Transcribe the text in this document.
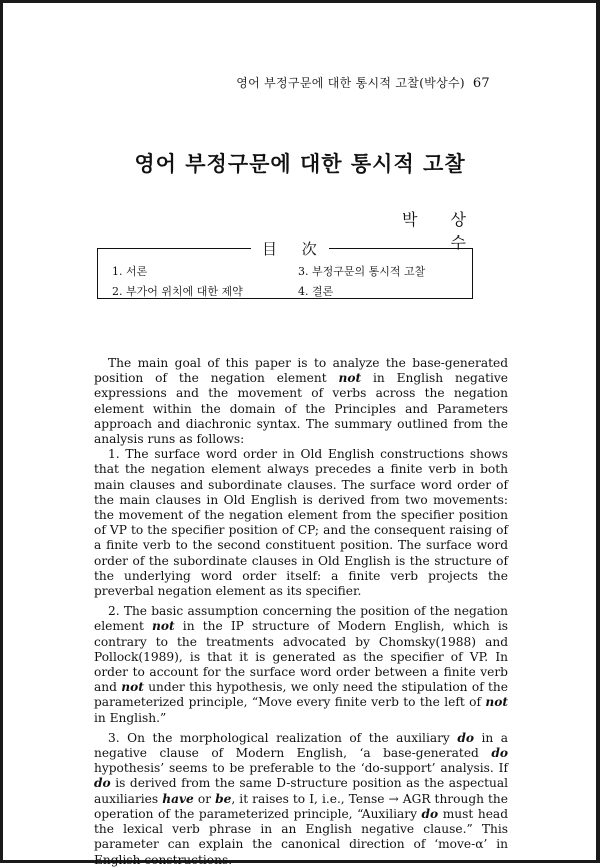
영어 부정구문에 대한 통시적 고찰(박상수) 67
영어 부정구문에 대한 통시적 고찰
박 상 수
目 次
1. 서론	3. 부정구문의 통시적 고찰
2. 부가어 위치에 대한 제약	4. 결론

The main goal of this paper is to analyze the base-generated position of the negation element not in English negative expressions and the movement of verbs across the negation element within the domain of the Principles and Parameters approach and diachronic syntax. The summary outlined from the analysis runs as follows:

1. The surface word order in Old English constructions shows that the negation element always precedes a finite verb in both main clauses and subordinate clauses. The surface word order of the main clauses in Old English is derived from two movements: the movement of the negation element from the specifier position of VP to the specifier position of CP; and the consequent raising of a finite verb to the second constituent position. The surface word order of the subordinate clauses in Old English is the structure of the underlying word order itself: a finite verb projects the preverbal negation element as its specifier.

2. The basic assumption concerning the position of the negation element not in the IP structure of Modern English, which is contrary to the treatments advocated by Chomsky(1988) and Pollock(1989), is that it is generated as the specifier of VP. In order to account for the surface word order between a finite verb and not under this hypothesis, we only need the stipulation of the parameterized principle, “Move every finite verb to the left of not in English.”

3. On the morphological realization of the auxiliary do in a negative clause of Modern English, ‘a base-generated do hypothesis’ seems to be preferable to the ‘do-support’ analysis. If do is derived from the same D-structure position as the aspectual auxiliaries have or be, it raises to I, i.e., Tense → AGR through the operation of the parameterized principle, “Auxiliary do must head the lexical verb phrase in an English negative clause.” This parameter can explain the canonical direction of ‘move-α’ in English constructions.
